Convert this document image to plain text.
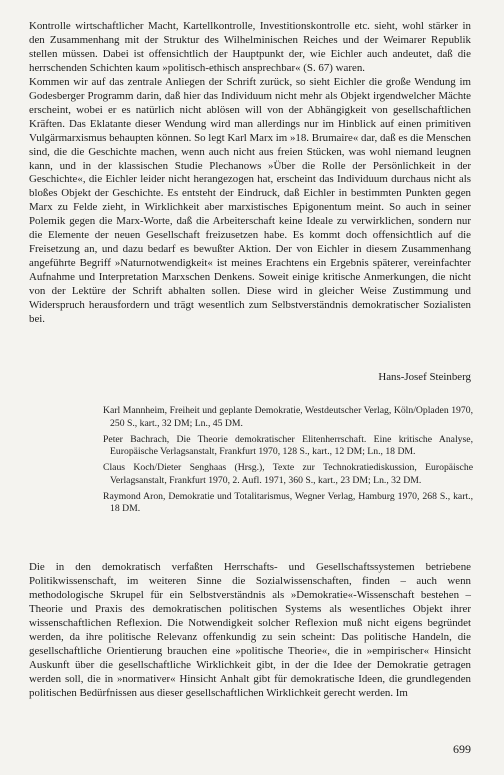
Kontrolle wirtschaftlicher Macht, Kartellkontrolle, Investitionskontrolle etc. sieht, wohl stärker in den Zusammenhang mit der Struktur des Wilhelminischen Reiches und der Weimarer Republik stellen müssen. Dabei ist offensichtlich der Hauptpunkt der, wie Eichler auch andeutet, daß die herrschenden Schichten kaum »politisch-ethisch ansprechbar« (S. 67) waren.

Kommen wir auf das zentrale Anliegen der Schrift zurück, so sieht Eichler die große Wendung im Godesberger Programm darin, daß hier das Individuum nicht mehr als Objekt irgendwelcher Mächte erscheint, wobei er es natürlich nicht ablösen will von der Abhängigkeit von gesellschaftlichen Kräften. Das Eklatante dieser Wendung wird man allerdings nur im Hinblick auf einen primitiven Vulgärmarxismus behaupten können. So legt Karl Marx im »18. Brumaire« dar, daß es die Menschen sind, die die Geschichte machen, wenn auch nicht aus freien Stücken, was wohl niemand leugnen kann, und in der klassischen Studie Plechanows »Über die Rolle der Persönlichkeit in der Geschichte«, die Eichler leider nicht herangezogen hat, erscheint das Individuum durchaus nicht als bloßes Objekt der Geschichte. Es entsteht der Eindruck, daß Eichler in bestimmten Punkten gegen Marx zu Felde zieht, in Wirklichkeit aber marxistisches Epigonentum meint. So auch in seiner Polemik gegen die Marx-Worte, daß die Arbeiterschaft keine Ideale zu verwirklichen, sondern nur die Elemente der neuen Gesellschaft freizusetzen habe. Es kommt doch offensichtlich auf die Freisetzung an, und dazu bedarf es bewußter Aktion. Der von Eichler in diesem Zusammenhang angeführte Begriff »Naturnotwendigkeit« ist meines Erachtens ein Ergebnis späterer, vereinfachter Aufnahme und Interpretation Marxschen Denkens. Soweit einige kritische Anmerkungen, die nicht von der Lektüre der Schrift abhalten sollen. Diese wird in gleicher Weise Zustimmung und Widerspruch herausfordern und trägt wesentlich zum Selbstverständnis demokratischer Sozialisten bei.

Hans-Josef Steinberg

Karl Mannheim, Freiheit und geplante Demokratie, Westdeutscher Verlag, Köln/Opladen 1970, 250 S., kart., 32 DM; Ln., 45 DM.

Peter Bachrach, Die Theorie demokratischer Elitenherrschaft. Eine kritische Analyse, Europäische Verlagsanstalt, Frankfurt 1970, 128 S., kart., 12 DM; Ln., 18 DM.

Claus Koch/Dieter Senghaas (Hrsg.), Texte zur Technokratiediskussion, Europäische Verlagsanstalt, Frankfurt 1970, 2. Aufl. 1971, 360 S., kart., 23 DM; Ln., 32 DM.

Raymond Aron, Demokratie und Totalitarismus, Wegner Verlag, Hamburg 1970, 268 S., kart., 18 DM.

Die in den demokratisch verfaßten Herrschafts- und Gesellschaftssystemen betriebene Politikwissenschaft, im weiteren Sinne die Sozialwissenschaften, finden – auch wenn methodologische Skrupel für ein Selbstverständnis als »Demokratie«-Wissenschaft bestehen – Theorie und Praxis des demokratischen politischen Systems als wesentliches Objekt ihrer wissenschaftlichen Reflexion. Die Notwendigkeit solcher Reflexion muß nicht eigens begründet werden, da ihre politische Relevanz offenkundig zu sein scheint: Das politische Handeln, die gesellschaftliche Orientierung brauchen eine »politische Theorie«, die in »empirischer« Hinsicht Auskunft über die gesellschaftliche Wirklichkeit gibt, in der die Idee der Demokratie getragen werden soll, die in »normativer« Hinsicht Anhalt gibt für demokratische Ideen, die grundlegenden politischen Bedürfnissen aus dieser gesellschaftlichen Wirklichkeit gerecht werden. Im

699
